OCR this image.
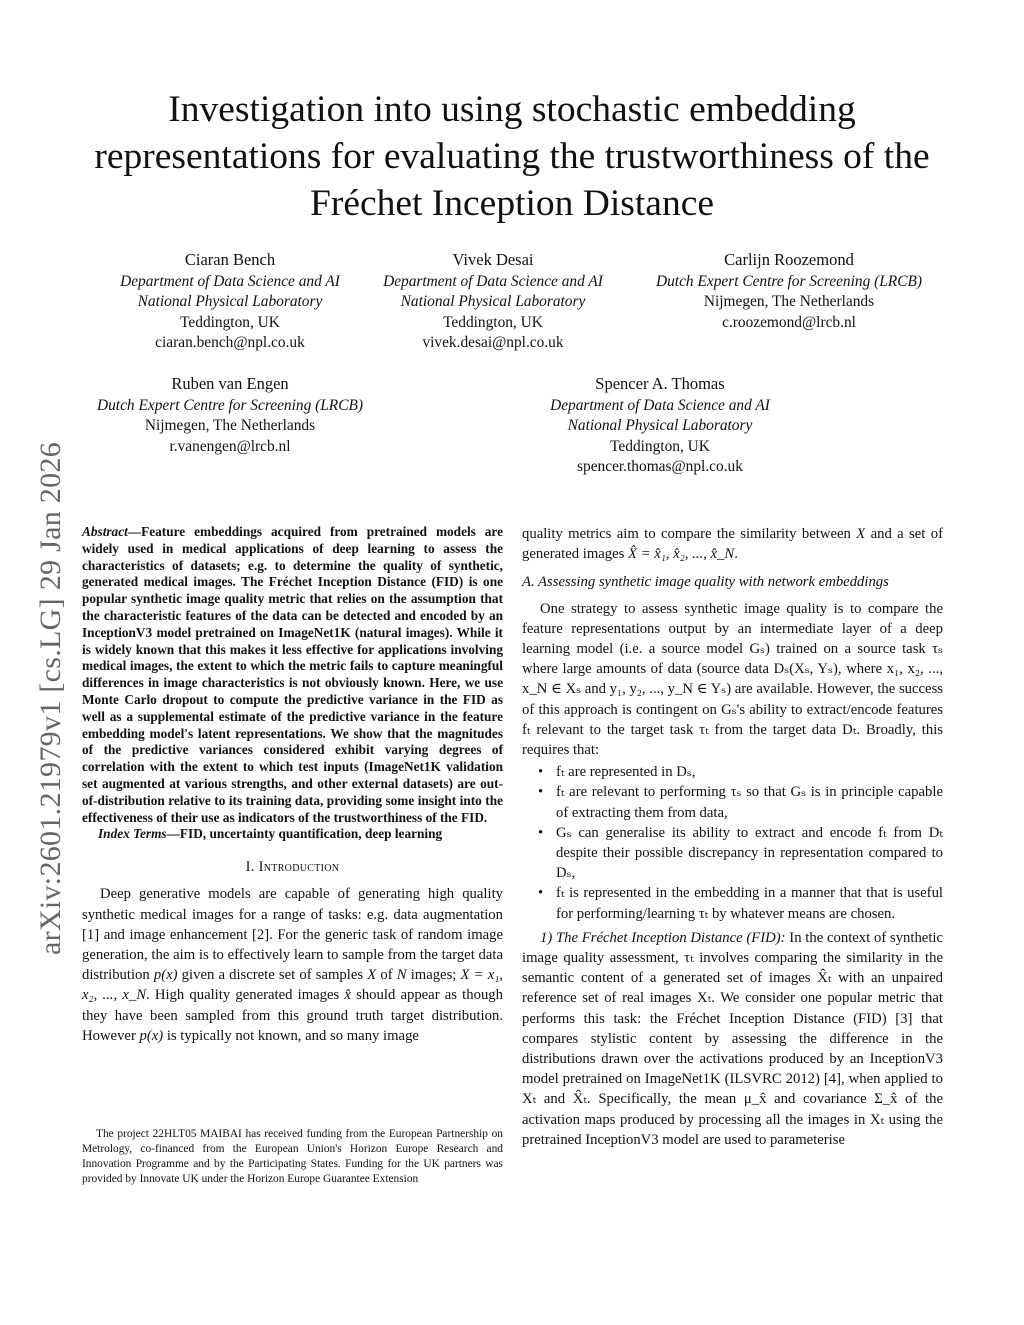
arXiv:2601.21979v1 [cs.LG] 29 Jan 2026
Investigation into using stochastic embedding representations for evaluating the trustworthiness of the Fréchet Inception Distance
Ciaran Bench
Department of Data Science and AI
National Physical Laboratory
Teddington, UK
ciaran.bench@npl.co.uk
Vivek Desai
Department of Data Science and AI
National Physical Laboratory
Teddington, UK
vivek.desai@npl.co.uk
Carlijn Roozemond
Dutch Expert Centre for Screening (LRCB)
Nijmegen, The Netherlands
c.roozemond@lrcb.nl
Ruben van Engen
Dutch Expert Centre for Screening (LRCB)
Nijmegen, The Netherlands
r.vanengen@lrcb.nl
Spencer A. Thomas
Department of Data Science and AI
National Physical Laboratory
Teddington, UK
spencer.thomas@npl.co.uk

Abstract—Feature embeddings acquired from pretrained models are widely used in medical applications of deep learning to assess the characteristics of datasets; e.g. to determine the quality of synthetic, generated medical images. The Fréchet Inception Distance (FID) is one popular synthetic image quality metric that relies on the assumption that the characteristic features of the data can be detected and encoded by an InceptionV3 model pretrained on ImageNet1K (natural images). While it is widely known that this makes it less effective for applications involving medical images, the extent to which the metric fails to capture meaningful differences in image characteristics is not obviously known. Here, we use Monte Carlo dropout to compute the predictive variance in the FID as well as a supplemental estimate of the predictive variance in the feature embedding model's latent representations. We show that the magnitudes of the predictive variances considered exhibit varying degrees of correlation with the extent to which test inputs (ImageNet1K validation set augmented at various strengths, and other external datasets) are out-of-distribution relative to its training data, providing some insight into the effectiveness of their use as indicators of the trustworthiness of the FID.

Index Terms—FID, uncertainty quantification, deep learning

I. Introduction

Deep generative models are capable of generating high quality synthetic medical images for a range of tasks: e.g. data augmentation [1] and image enhancement [2]. For the generic task of random image generation, the aim is to effectively learn to sample from the target data distribution p(x) given a discrete set of samples X of N images; X = x₁, x₂, ..., x_N. High quality generated images x̂ should appear as though they have been sampled from this ground truth target distribution. However p(x) is typically not known, and so many image

The project 22HLT05 MAIBAI has received funding from the European Partnership on Metrology, co-financed from the European Union's Horizon Europe Research and Innovation Programme and by the Participating States. Funding for the UK partners was provided by Innovate UK under the Horizon Europe Guarantee Extension

quality metrics aim to compare the similarity between X and a set of generated images X̂ = x̂₁, x̂₂, ..., x̂_N.

A. Assessing synthetic image quality with network embeddings

One strategy to assess synthetic image quality is to compare the feature representations output by an intermediate layer of a deep learning model (i.e. a source model Gₛ) trained on a source task τₛ where large amounts of data (source data Dₛ(Xₛ, Yₛ), where x₁, x₂, ..., x_N ∈ Xₛ and y₁, y₂, ..., y_N ∈ Yₛ) are available. However, the success of this approach is contingent on Gₛ's ability to extract/encode features fₜ relevant to the target task τₜ from the target data Dₜ. Broadly, this requires that:

• fₜ are represented in Dₛ,
• fₜ are relevant to performing τₛ so that Gₛ is in principle capable of extracting them from data,
• Gₛ can generalise its ability to extract and encode fₜ from Dₜ despite their possible discrepancy in representation compared to Dₛ,
• fₜ is represented in the embedding in a manner that that is useful for performing/learning τₜ by whatever means are chosen.

1) The Fréchet Inception Distance (FID): In the context of synthetic image quality assessment, τₜ involves comparing the similarity in the semantic content of a generated set of images X̂ₜ with an unpaired reference set of real images Xₜ. We consider one popular metric that performs this task: the Fréchet Inception Distance (FID) [3] that compares stylistic content by assessing the difference in the distributions drawn over the activations produced by an InceptionV3 model pretrained on ImageNet1K (ILSVRC 2012) [4], when applied to Xₜ and X̂ₜ. Specifically, the mean μ_x̂ and covariance Σ_x̂ of the activation maps produced by processing all the images in Xₜ using the pretrained InceptionV3 model are used to parameterise
